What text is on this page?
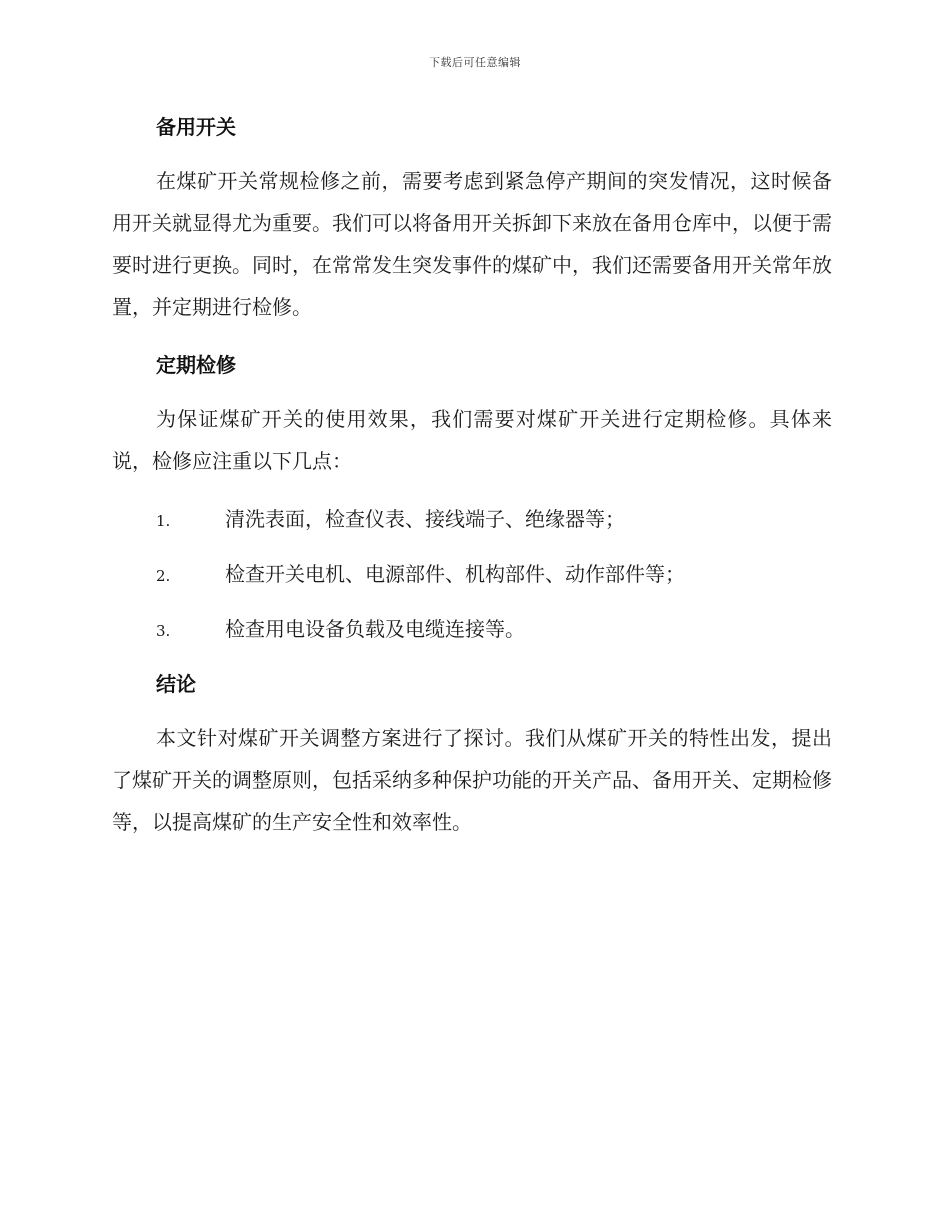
下载后可任意编辑
备用开关

在煤矿开关常规检修之前，需要考虑到紧急停产期间的突发情况，这时候备用开关就显得尤为重要。我们可以将备用开关拆卸下来放在备用仓库中，以便于需要时进行更换。同时，在常常发生突发事件的煤矿中，我们还需要备用开关常年放置，并定期进行检修。

定期检修

为保证煤矿开关的使用效果，我们需要对煤矿开关进行定期检修。具体来说，检修应注重以下几点：

1.	清洗表面，检查仪表、接线端子、绝缘器等；
2.	检查开关电机、电源部件、机构部件、动作部件等；
3.	检查用电设备负载及电缆连接等。
结论

本文针对煤矿开关调整方案进行了探讨。我们从煤矿开关的特性出发，提出了煤矿开关的调整原则，包括采纳多种保护功能的开关产品、备用开关、定期检修等，以提高煤矿的生产安全性和效率性。
